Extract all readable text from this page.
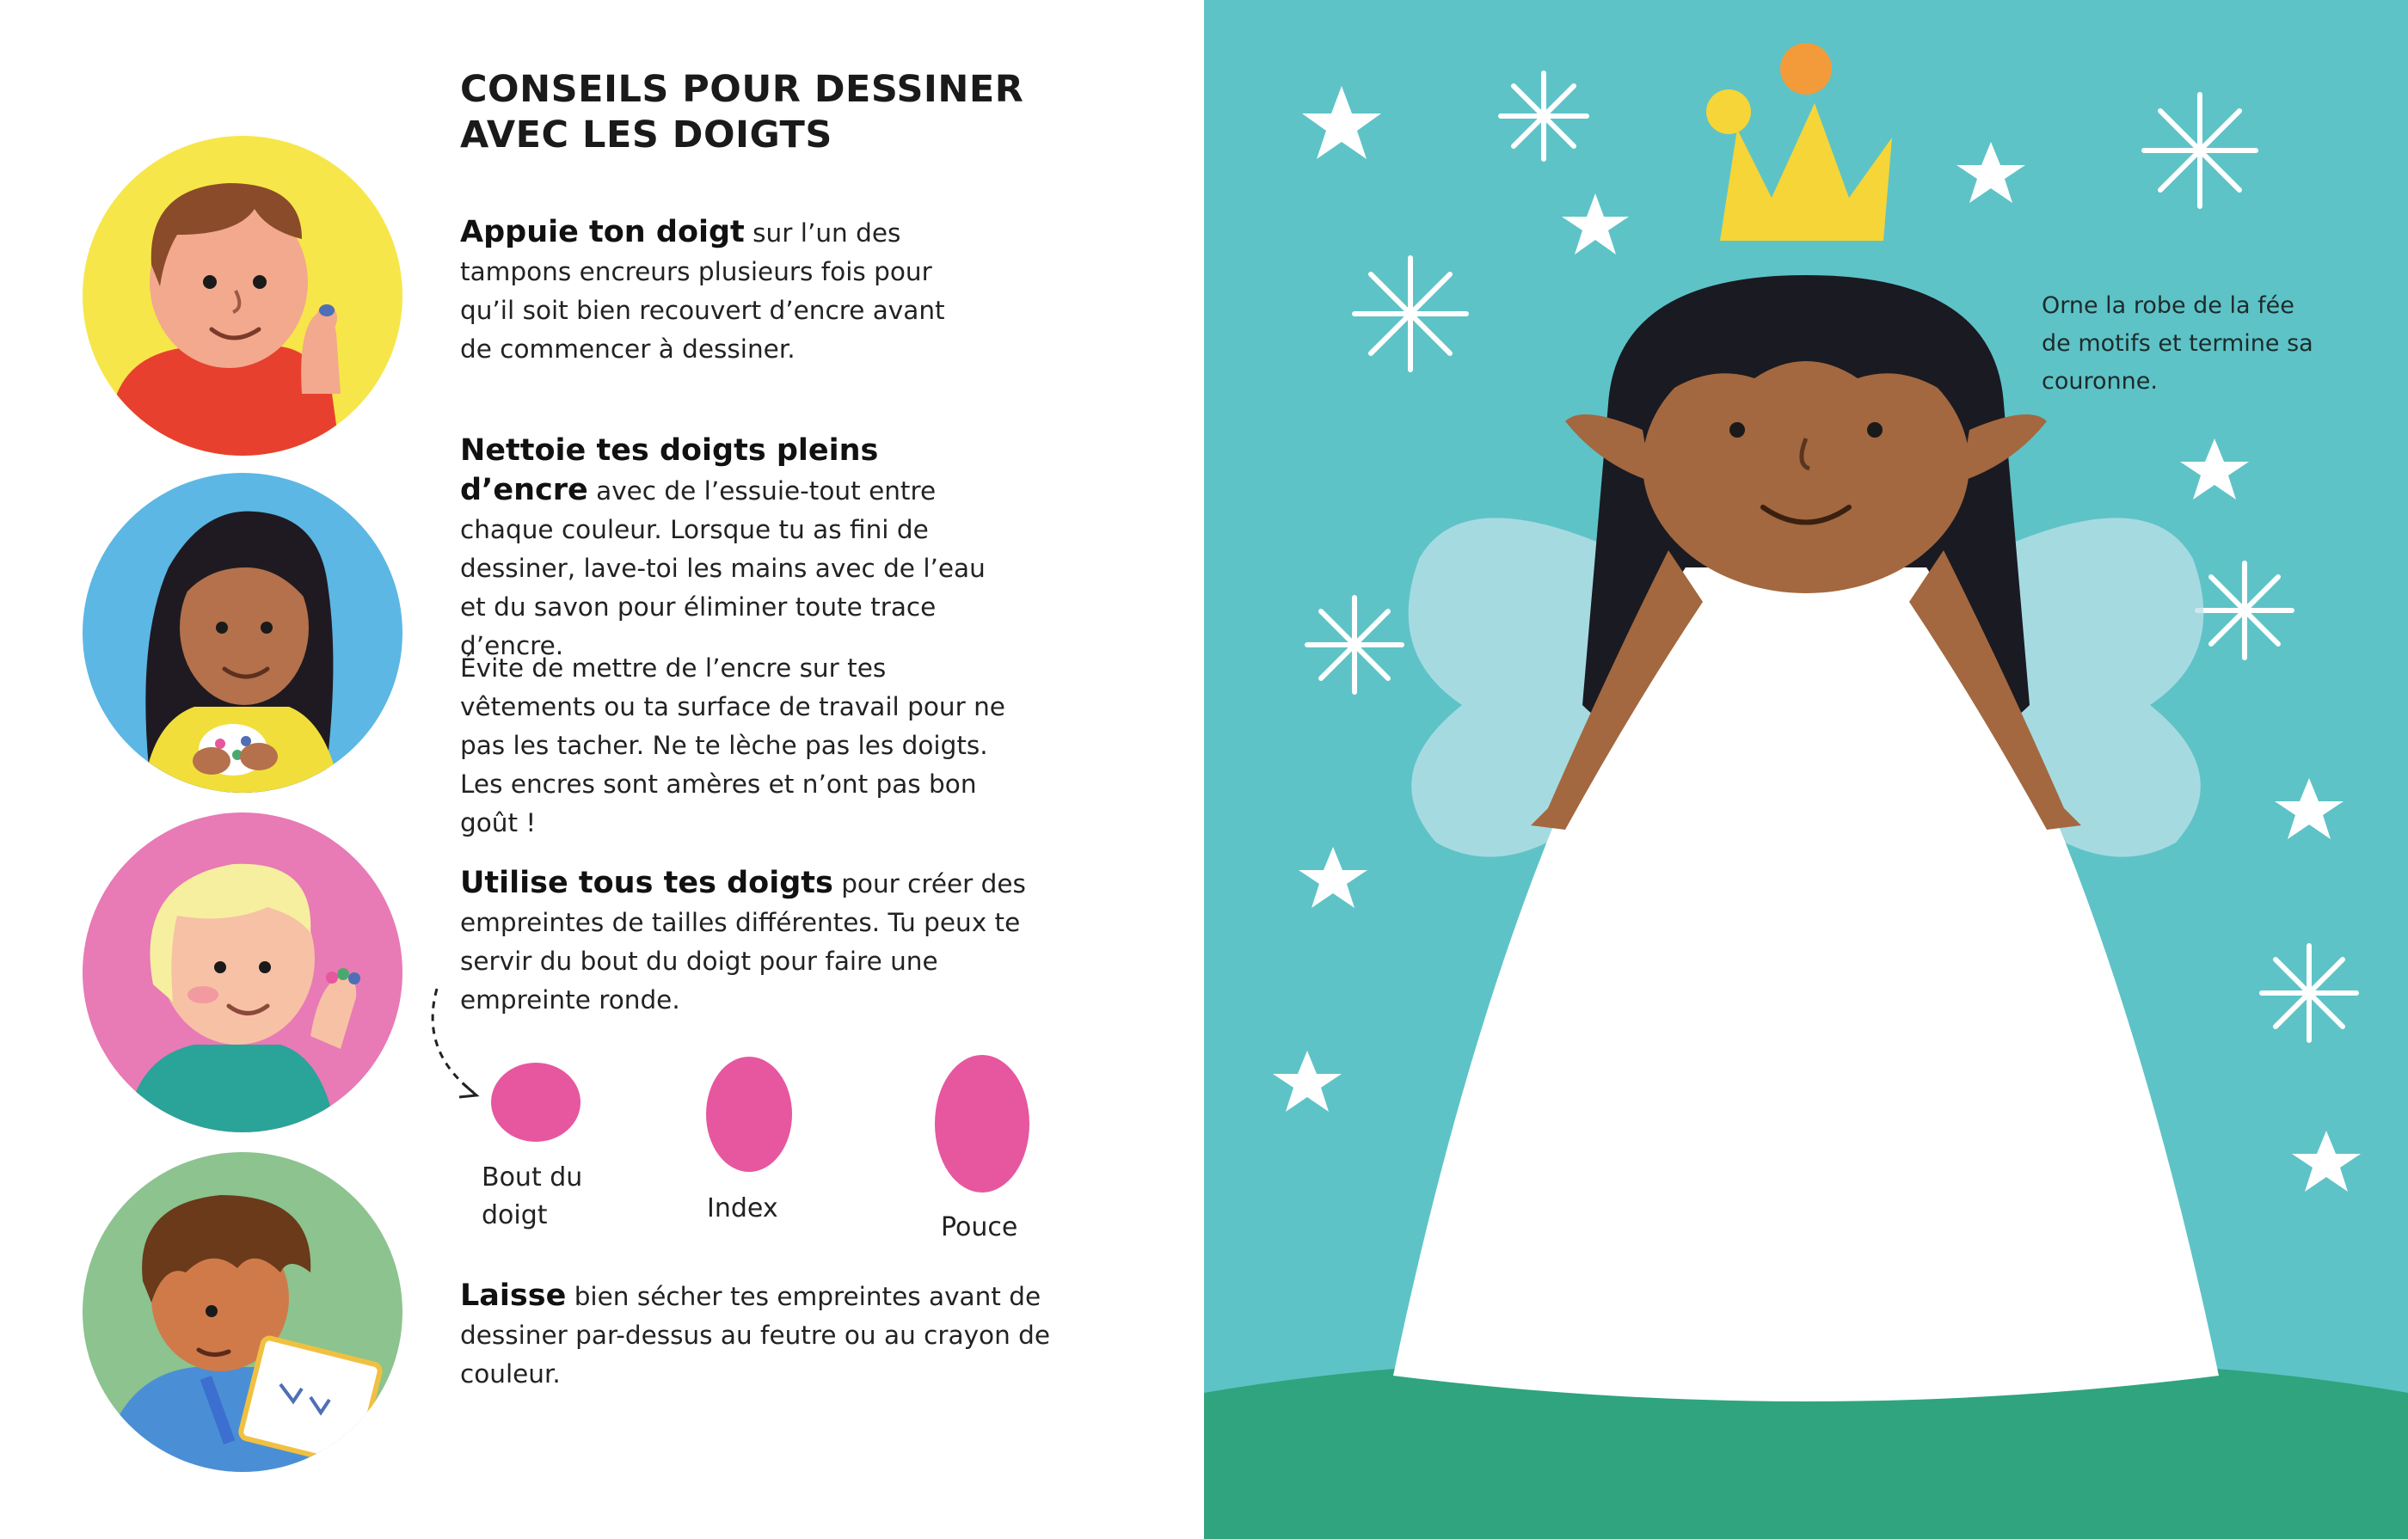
CONSEILS POUR DESSINER
AVEC LES DOIGTS

Appuie ton doigt sur l’un des tampons encreurs plusieurs fois pour qu’il soit bien recouvert d’encre avant de commencer à dessiner.

Nettoie tes doigts pleins d’encre avec de l’essuie-tout entre chaque couleur. Lorsque tu as fini de dessiner, lave-toi les mains avec de l’eau et du savon pour éliminer toute trace d’encre.

Évite de mettre de l’encre sur tes vêtements ou ta surface de travail pour ne pas les tacher. Ne te lèche pas les doigts. Les encres sont amères et n’ont pas bon goût !

Utilise tous tes doigts pour créer des empreintes de tailles différentes. Tu peux te servir du bout du doigt pour faire une empreinte ronde.

Bout du
doigt	Index
Pouce

Laisse bien sécher tes empreintes avant de dessiner par-dessus au feutre ou au crayon de couleur.

Orne la robe de la fée de motifs et termine sa couronne.
